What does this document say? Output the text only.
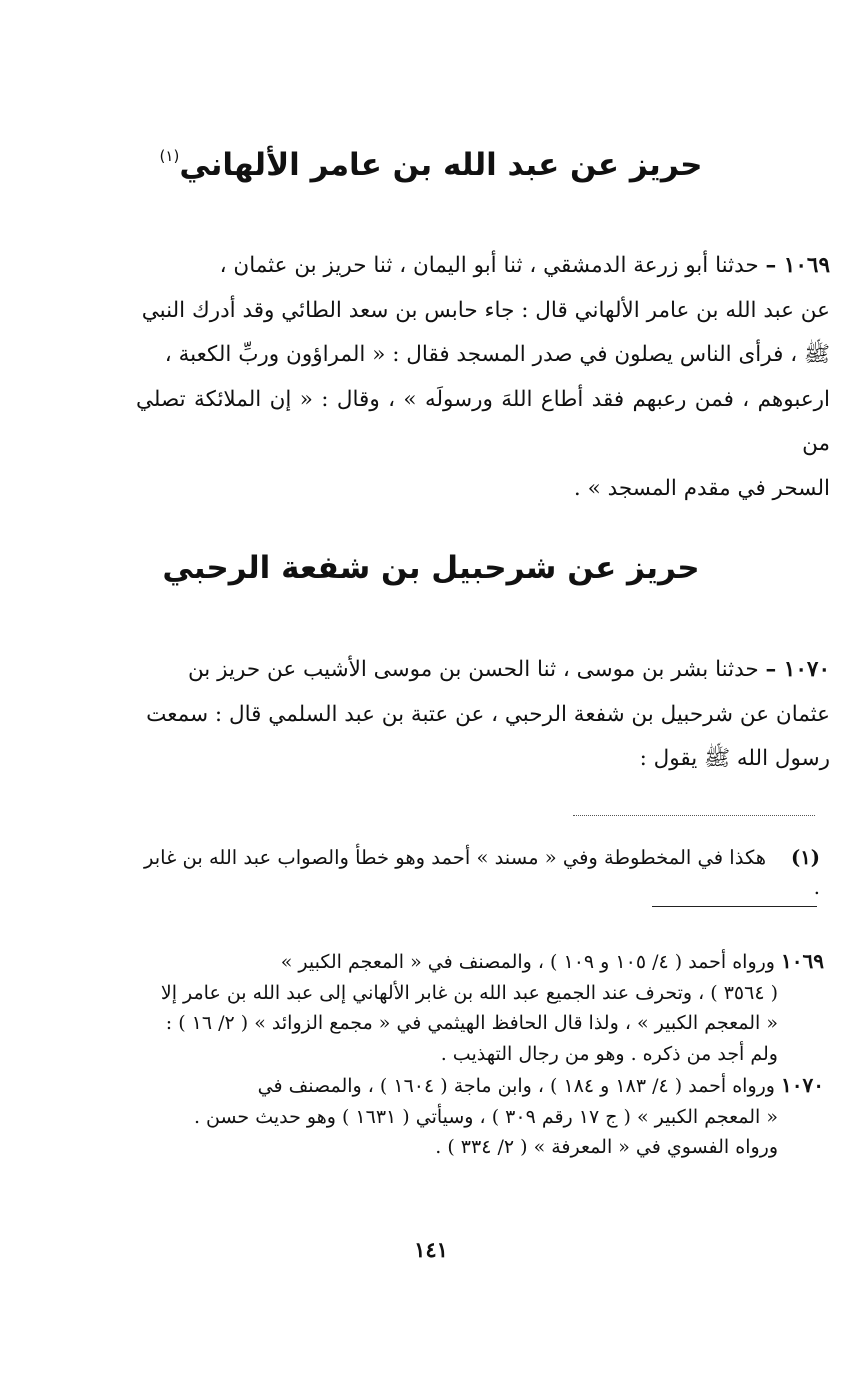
حريز عن عبد الله بن عامر الألهاني$^{(١)}$

١٠٦٩ – حدثنا أبو زرعة الدمشقي ، ثنا أبو اليمان ، ثنا حريز بن عثمان ،

عن عبد الله بن عامر الألهاني قال : جاء حابس بن سعد الطائي وقد أدرك النبي

ﷺ ، فرأى الناس يصلون في صدر المسجد فقال : « المراؤون وربِّ الكعبة ،

ارعبوهم ، فمن رعبهم فقد أطاع اللهَ ورسولَه » ، وقال : « إن الملائكة تصلي من

السحر في مقدم المسجد » .

حريز عن شرحبيل بن شفعة الرحبي

١٠٧٠ – حدثنا بشر بن موسى ، ثنا الحسن بن موسى الأشيب عن حريز بن

عثمان عن شرحبيل بن شفعة الرحبي ، عن عتبة بن عبد السلمي قال : سمعت

رسول الله ﷺ يقول :

(١)هكذا في المخطوطة وفي « مسند » أحمد وهو خطأ والصواب عبد الله بن غابر .
١٠٦٩ ورواه أحمد ( ٤/ ١٠٥ و ١٠٩ ) ، والمصنف في « المعجم الكبير »
( ٣٥٦٤ ) ، وتحرف عند الجميع عبد الله بن غابر الألهاني إلى عبد الله بن عامر إلا
« المعجم الكبير » ، ولذا قال الحافظ الهيثمي في « مجمع الزوائد » ( ٢/ ١٦ ) :
ولم أجد من ذكره . وهو من رجال التهذيب .
١٠٧٠ ورواه أحمد ( ٤/ ١٨٣ و ١٨٤ ) ، وابن ماجة ( ١٦٠٤ ) ، والمصنف في
« المعجم الكبير » ( ج ١٧ رقم ٣٠٩ ) ، وسيأتي ( ١٦٣١ ) وهو حديث حسن .
ورواه الفسوي في « المعرفة » ( ٢/ ٣٣٤ ) .
١٤١
